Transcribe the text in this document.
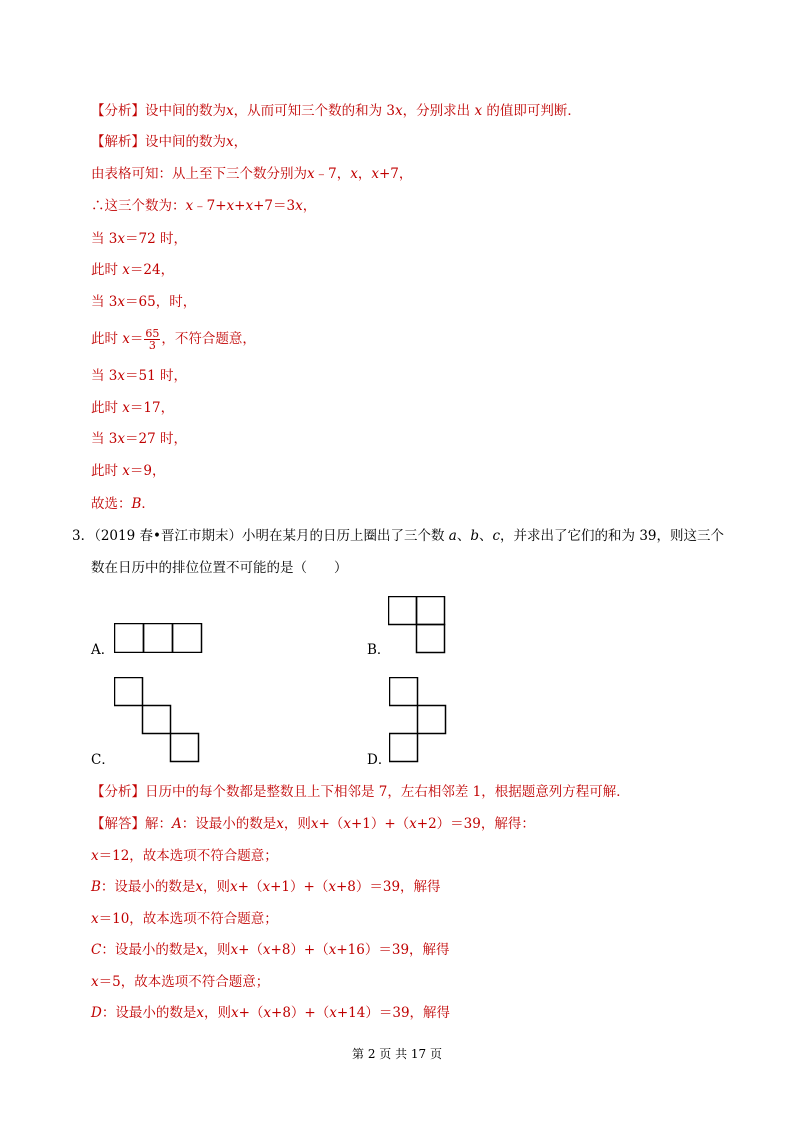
【分析】设中间的数为x，从而可知三个数的和为 3x，分别求出 x 的值即可判断．
【解析】设中间的数为x，
由表格可知：从上至下三个数分别为x﹣7，x，x+7，
∴这三个数为：x﹣7+x+x+7＝3x，
当 3x＝72 时，
此时 x＝24，
当 3x＝65，时，
此时 $x= \frac{65}{3}$ ，不符合题意，
当 3x＝51 时，
此时 x＝17，
当 3x＝27 时，
此时 x＝9，
故选：B．
3．（2019 春•晋江市期末）小明在某月的日历上圈出了三个数 a、b、c，并求出了它们的和为 39，则这三个
数在日历中的排位位置不可能的是（　　）
A．	B．
C．	D．
【分析】日历中的每个数都是整数且上下相邻是 7，左右相邻差 1，根据题意列方程可解．
【解答】解：A：设最小的数是x，则x+（x+1）+（x+2）＝39，解得：
x＝12，故本选项不符合题意；
B：设最小的数是x，则x+（x+1）+（x+8）＝39，解得
x＝10，故本选项不符合题意；
C：设最小的数是x，则x+（x+8）+（x+16）＝39，解得
x＝5，故本选项不符合题意；
D：设最小的数是x，则x+（x+8）+（x+14）＝39，解得
第 2 页 共 17 页
